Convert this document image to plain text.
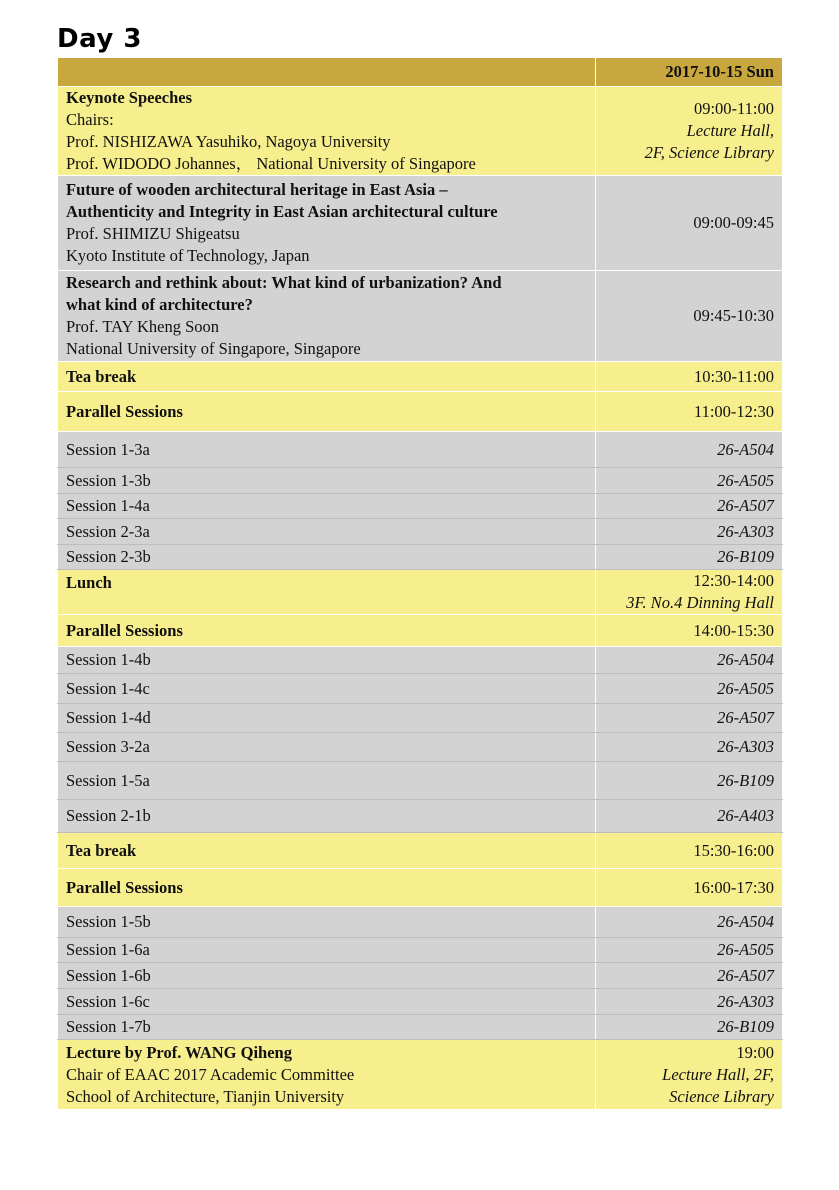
Day 3
	2017-10-15 Sun

Keynote Speeches
Chairs:
Prof. NISHIZAWA Yasuhiko, Nagoya University
Prof. WIDODO Johannes， National University of Singapore	09:00-11:00
Lecture Hall,
2F, Science Library

Future of wooden architectural heritage in East Asia –
Authenticity and Integrity in East Asian architectural culture
Prof. SHIMIZU Shigeatsu
Kyoto Institute of Technology, Japan	09:00-09:45

Research and rethink about: What kind of urbanization? And
what kind of architecture?
Prof. TAY Kheng Soon
National University of Singapore, Singapore	09:45-10:30
Tea break	10:30-11:00
Parallel Sessions	11:00-12:30
Session 1-3a	26-A504
Session 1-3b	26-A505
Session 1-4a	26-A507
Session 2-3a	26-A303
Session 2-3b	26-B109
Lunch	12:30-14:00
3F. No.4 Dinning Hall

Parallel Sessions	14:00-15:30
Session 1-4b	26-A504
Session 1-4c	26-A505
Session 1-4d	26-A507
Session 3-2a	26-A303
Session 1-5a	26-B109
Session 2-1b	26-A403
Tea break	15:30-16:00
Parallel Sessions	16:00-17:30
Session 1-5b	26-A504
Session 1-6a	26-A505
Session 1-6b	26-A507
Session 1-6c	26-A303
Session 1-7b	26-B109

Lecture by Prof. WANG Qiheng
Chair of EAAC 2017 Academic Committee
School of Architecture, Tianjin University	19:00
Lecture Hall, 2F,
Science Library
